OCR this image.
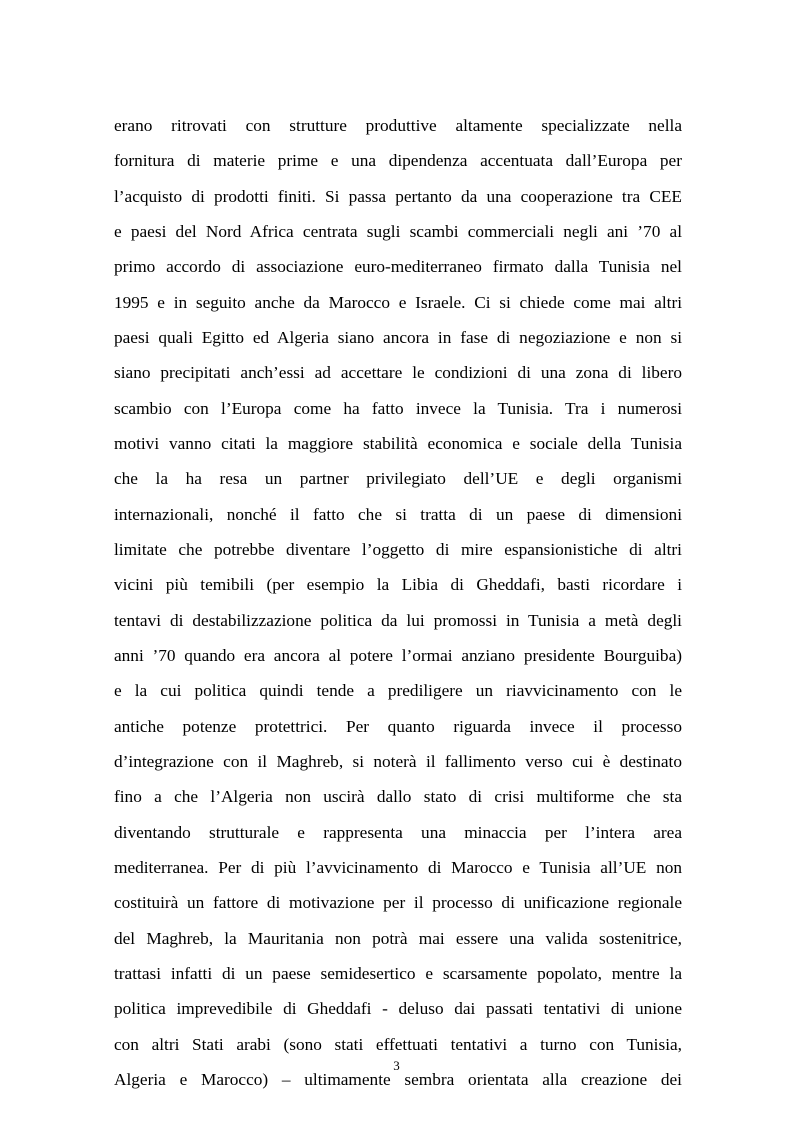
erano ritrovati con strutture produttive altamente specializzate nella
fornitura di materie prime e una dipendenza accentuata dall’Europa per
l’acquisto di prodotti finiti. Si passa pertanto da una cooperazione tra CEE
e paesi del Nord Africa centrata sugli scambi commerciali negli ani ’70 al
primo accordo di associazione euro-mediterraneo firmato dalla Tunisia nel
1995 e in seguito anche da Marocco e Israele. Ci si chiede come mai altri
paesi quali Egitto ed Algeria siano ancora in fase di negoziazione e non si
siano precipitati anch’essi ad accettare le condizioni di una zona di libero
scambio con l’Europa come ha fatto invece la Tunisia. Tra i numerosi
motivi vanno citati la maggiore stabilità economica e sociale della Tunisia
che la ha resa un partner privilegiato dell’UE e degli organismi
internazionali, nonché il fatto che si tratta di un paese di dimensioni
limitate che potrebbe diventare l’oggetto di mire espansionistiche di altri
vicini più temibili (per esempio la Libia di Gheddafi, basti ricordare i
tentavi di destabilizzazione politica da lui promossi in Tunisia a metà degli
anni ’70 quando era ancora al potere l’ormai anziano presidente Bourguiba)
e la cui politica quindi tende a prediligere un riavvicinamento con le
antiche potenze protettrici. Per quanto riguarda invece il processo
d’integrazione con il Maghreb, si noterà il fallimento verso cui è destinato
fino a che l’Algeria non uscirà dallo stato di crisi multiforme che sta
diventando strutturale e rappresenta una minaccia per l’intera area
mediterranea. Per di più l’avvicinamento di Marocco e Tunisia all’UE non
costituirà un fattore di motivazione per il processo di unificazione regionale
del Maghreb, la Mauritania non potrà mai essere una valida sostenitrice,
trattasi infatti di un paese semidesertico e scarsamente popolato, mentre la
politica imprevedibile di Gheddafi - deluso dai passati tentativi di unione
con altri Stati arabi (sono stati effettuati tentativi a turno con Tunisia,
Algeria e Marocco) – ultimamente sembra orientata alla creazione dei
3
